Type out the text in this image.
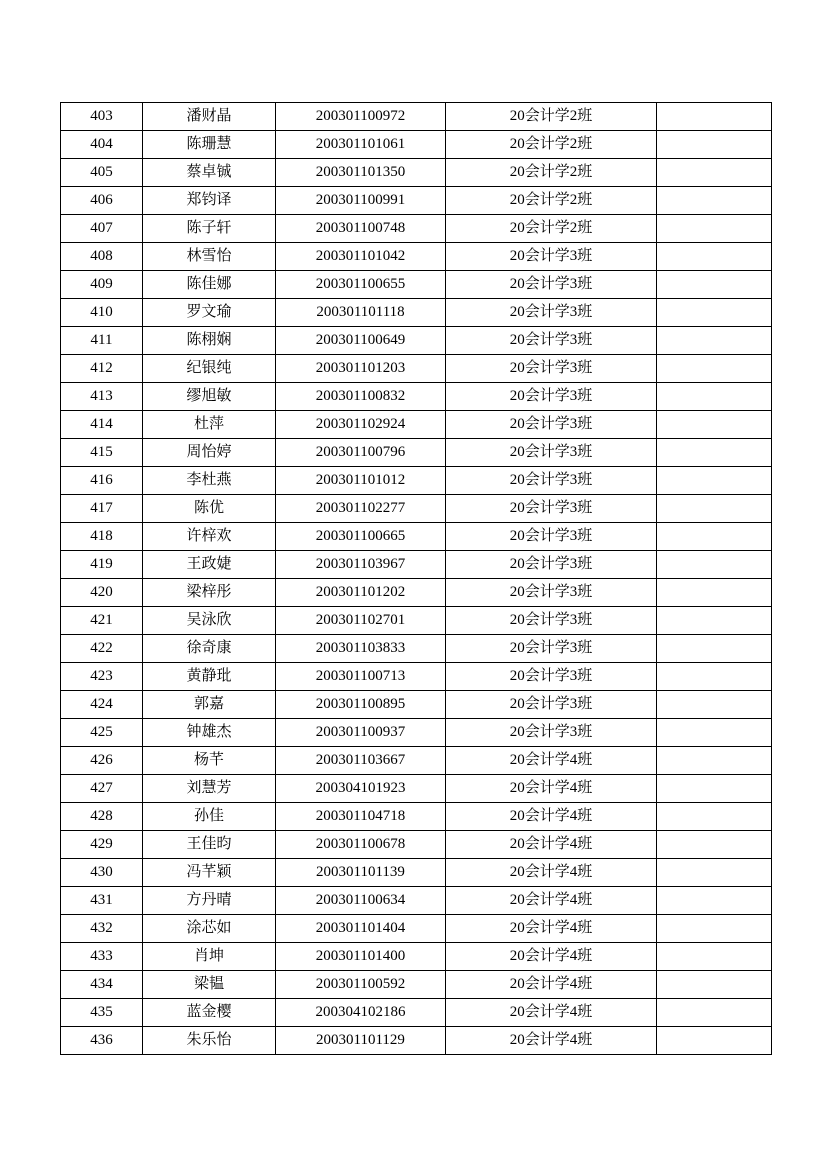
403	潘财晶	200301100972	20会计学2班	
404	陈珊慧	200301101061	20会计学2班	
405	蔡卓铖	200301101350	20会计学2班	
406	郑钧译	200301100991	20会计学2班	
407	陈子轩	200301100748	20会计学2班	
408	林雪怡	200301101042	20会计学3班	
409	陈佳娜	200301100655	20会计学3班	
410	罗文瑜	200301101118	20会计学3班	
411	陈栩娴	200301100649	20会计学3班	
412	纪银纯	200301101203	20会计学3班	
413	缪旭敏	200301100832	20会计学3班	
414	杜萍	200301102924	20会计学3班	
415	周怡婷	200301100796	20会计学3班	
416	李杜燕	200301101012	20会计学3班	
417	陈优	200301102277	20会计学3班	
418	许梓欢	200301100665	20会计学3班	
419	王政婕	200301103967	20会计学3班	
420	梁梓彤	200301101202	20会计学3班	
421	吴泳欣	200301102701	20会计学3班	
422	徐奇康	200301103833	20会计学3班	
423	黄静玭	200301100713	20会计学3班	
424	郭嘉	200301100895	20会计学3班	
425	钟雄杰	200301100937	20会计学3班	
426	杨芊	200301103667	20会计学4班	
427	刘慧芳	200304101923	20会计学4班	
428	孙佳	200301104718	20会计学4班	
429	王佳昀	200301100678	20会计学4班	
430	冯芊颖	200301101139	20会计学4班	
431	方丹晴	200301100634	20会计学4班	
432	涂芯如	200301101404	20会计学4班	
433	肖坤	200301101400	20会计学4班	
434	梁韫	200301100592	20会计学4班	
435	蓝金樱	200304102186	20会计学4班	
436	朱乐怡	200301101129	20会计学4班	
